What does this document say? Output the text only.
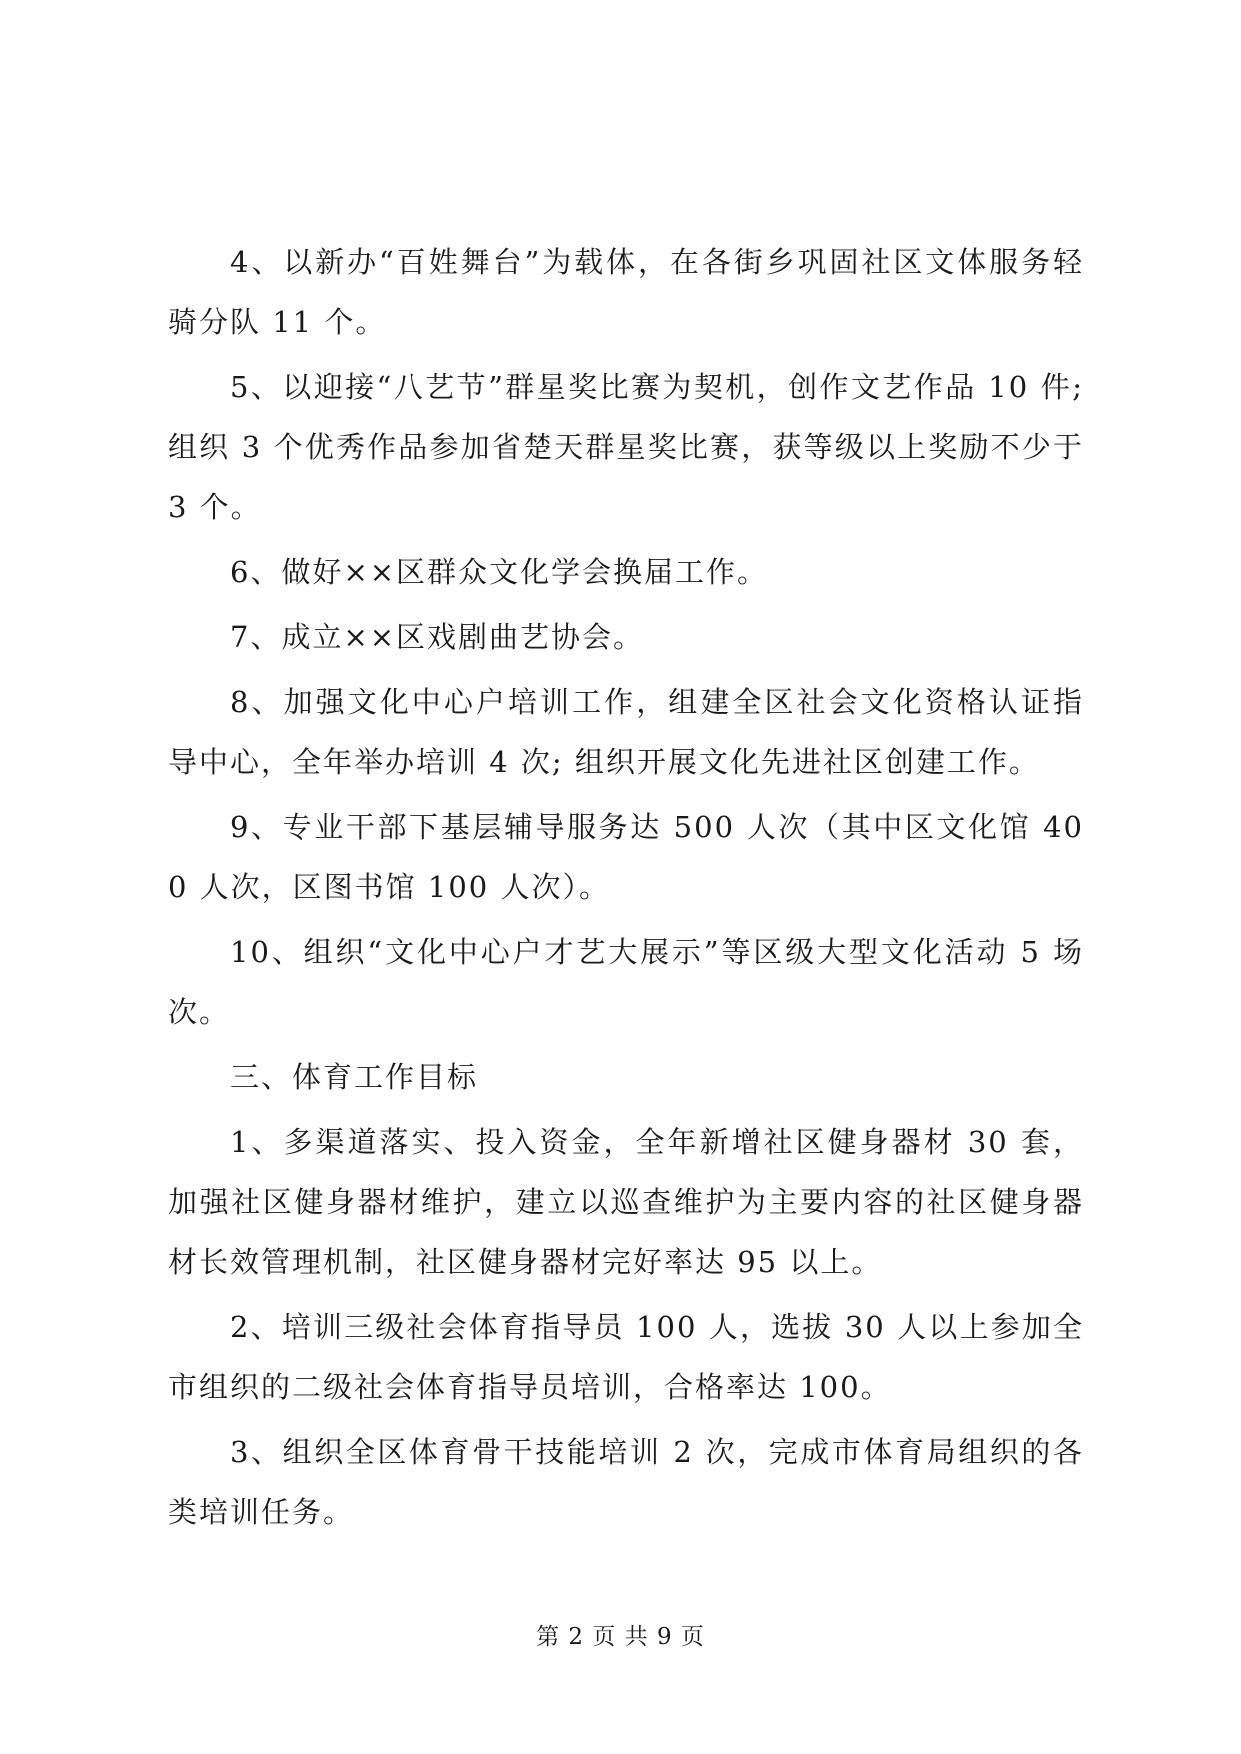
4、以新办“百姓舞台”为载体，在各街乡巩固社区文体服务轻骑分队 11 个。

5、以迎接“八艺节”群星奖比赛为契机，创作文艺作品 10 件; 组织 3 个优秀作品参加省楚天群星奖比赛，获等级以上奖励不少于 3 个。

6、做好××区群众文化学会换届工作。

7、成立××区戏剧曲艺协会。

8、加强文化中心户培训工作，组建全区社会文化资格认证指导中心，全年举办培训 4 次; 组织开展文化先进社区创建工作。

9、专业干部下基层辅导服务达 500 人次（其中区文化馆 400 人次，区图书馆 100 人次）。

10、组织“文化中心户才艺大展示”等区级大型文化活动 5 场次。

三、体育工作目标

1、多渠道落实、投入资金，全年新增社区健身器材 30 套，加强社区健身器材维护，建立以巡查维护为主要内容的社区健身器材长效管理机制，社区健身器材完好率达 95 以上。

2、培训三级社会体育指导员 100 人，选拔 30 人以上参加全市组织的二级社会体育指导员培训，合格率达 100。

3、组织全区体育骨干技能培训 2 次，完成市体育局组织的各类培训任务。

第 2 页 共 9 页
